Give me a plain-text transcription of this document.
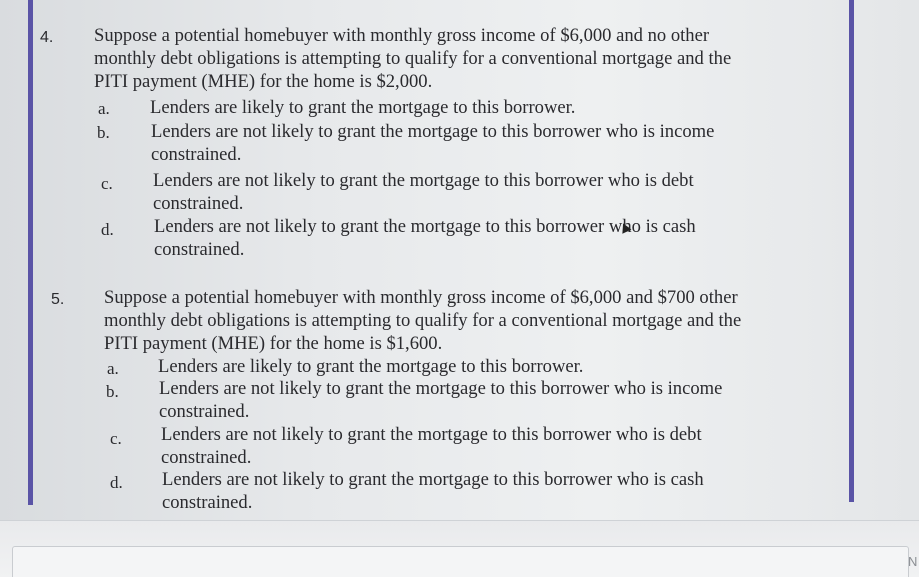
4. Suppose a potential homebuyer with monthly gross income of $6,000 and no other
monthly debt obligations is attempting to qualify for a conventional mortgage and the
PITI payment (MHE) for the home is $2,000.
a. Lenders are likely to grant the mortgage to this borrower.
b. Lenders are not likely to grant the mortgage to this borrower who is income
constrained.
c. Lenders are not likely to grant the mortgage to this borrower who is debt
constrained.
d. Lenders are not likely to grant the mortgage to this borrower who is cash
constrained.
5. Suppose a potential homebuyer with monthly gross income of $6,000 and $700 other
monthly debt obligations is attempting to qualify for a conventional mortgage and the
PITI payment (MHE) for the home is $1,600.
a. Lenders are likely to grant the mortgage to this borrower.
b. Lenders are not likely to grant the mortgage to this borrower who is income
constrained.
c. Lenders are not likely to grant the mortgage to this borrower who is debt
constrained.
d. Lenders are not likely to grant the mortgage to this borrower who is cash
constrained.
N
